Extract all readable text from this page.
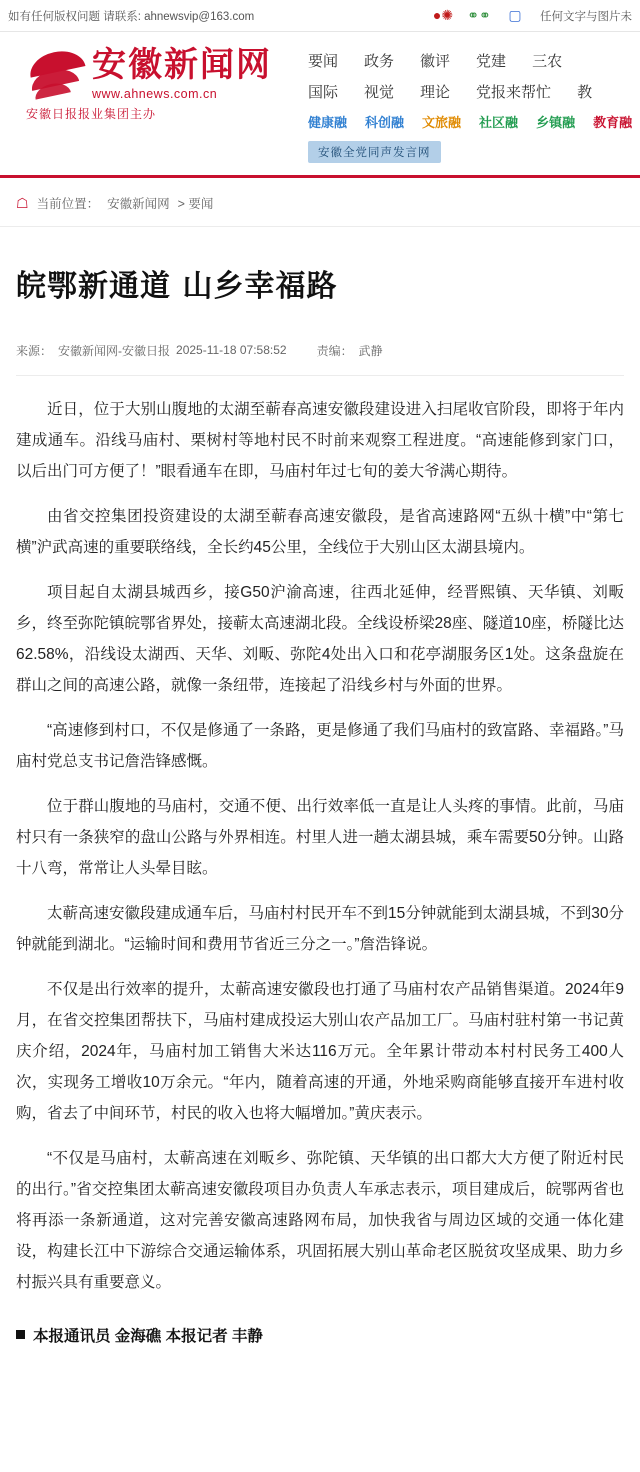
如有任何版权问题 请联系: ahnewsvip@163.com	●✺ ⚭⚭	▢	任何文字与图片未
安徽新闻网
www.ahnews.com.cn
安徽日报报业集团主办
要闻 政务 徽评 党建 三农
国际 视觉 理论 党报来帮忙 教
健康融 科创融 文旅融 社区融 乡镇融 教育融
安徽全党同声发言网
☖ 当前位置： 安徽新闻网 > 要闻
皖鄂新通道 山乡幸福路
来源： 安徽新闻网-安徽日报 2025-11-18 07:58:52	责编： 武静

近日，位于大别山腹地的太湖至蕲春高速安徽段建设进入扫尾收官阶段，即将于年内建成通车。沿线马庙村、栗树村等地村民不时前来观察工程进度。“高速能修到家门口，以后出门可方便了！”眼看通车在即，马庙村年过七旬的姜大爷满心期待。

由省交控集团投资建设的太湖至蕲春高速安徽段，是省高速路网“五纵十横”中“第七横”沪武高速的重要联络线，全长约45公里，全线位于大别山区太湖县境内。

项目起自太湖县城西乡，接G50沪渝高速，往西北延伸，经晋熙镇、天华镇、刘畈乡，终至弥陀镇皖鄂省界处，接蕲太高速湖北段。全线设桥梁28座、隧道10座，桥隧比达62.58%，沿线设太湖西、天华、刘畈、弥陀4处出入口和花亭湖服务区1处。这条盘旋在群山之间的高速公路，就像一条纽带，连接起了沿线乡村与外面的世界。

“高速修到村口，不仅是修通了一条路，更是修通了我们马庙村的致富路、幸福路。”马庙村党总支书记詹浩锋感慨。

位于群山腹地的马庙村，交通不便、出行效率低一直是让人头疼的事情。此前，马庙村只有一条狭窄的盘山公路与外界相连。村里人进一趟太湖县城，乘车需要50分钟。山路十八弯，常常让人头晕目眩。

太蕲高速安徽段建成通车后，马庙村村民开车不到15分钟就能到太湖县城，不到30分钟就能到湖北。“运输时间和费用节省近三分之一。”詹浩锋说。

不仅是出行效率的提升，太蕲高速安徽段也打通了马庙村农产品销售渠道。2024年9月，在省交控集团帮扶下，马庙村建成投运大别山农产品加工厂。马庙村驻村第一书记黄庆介绍，2024年，马庙村加工销售大米达116万元。全年累计带动本村村民务工400人次，实现务工增收10万余元。“年内，随着高速的开通，外地采购商能够直接开车进村收购，省去了中间环节，村民的收入也将大幅增加。”黄庆表示。

“不仅是马庙村，太蕲高速在刘畈乡、弥陀镇、天华镇的出口都大大方便了附近村民的出行。”省交控集团太蕲高速安徽段项目办负责人车承志表示，项目建成后，皖鄂两省也将再添一条新通道，这对完善安徽高速路网布局，加快我省与周边区域的交通一体化建设，构建长江中下游综合交通运输体系，巩固拓展大别山革命老区脱贫攻坚成果、助力乡村振兴具有重要意义。

本报通讯员 金海礁 本报记者 丰静
